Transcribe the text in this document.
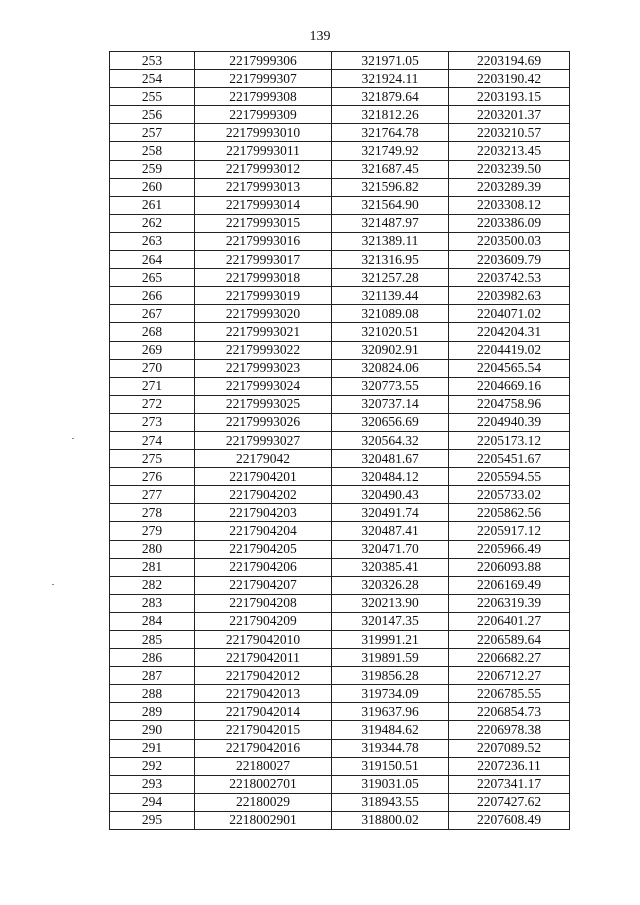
139
253	2217999306	321971.05	2203194.69
254	2217999307	321924.11	2203190.42
255	2217999308	321879.64	2203193.15
256	2217999309	321812.26	2203201.37
257	22179993010	321764.78	2203210.57
258	22179993011	321749.92	2203213.45
259	22179993012	321687.45	2203239.50
260	22179993013	321596.82	2203289.39
261	22179993014	321564.90	2203308.12
262	22179993015	321487.97	2203386.09
263	22179993016	321389.11	2203500.03
264	22179993017	321316.95	2203609.79
265	22179993018	321257.28	2203742.53
266	22179993019	321139.44	2203982.63
267	22179993020	321089.08	2204071.02
268	22179993021	321020.51	2204204.31
269	22179993022	320902.91	2204419.02
270	22179993023	320824.06	2204565.54
271	22179993024	320773.55	2204669.16
272	22179993025	320737.14	2204758.96
273	22179993026	320656.69	2204940.39
274	22179993027	320564.32	2205173.12
275	22179042	320481.67	2205451.67
276	2217904201	320484.12	2205594.55
277	2217904202	320490.43	2205733.02
278	2217904203	320491.74	2205862.56
279	2217904204	320487.41	2205917.12
280	2217904205	320471.70	2205966.49
281	2217904206	320385.41	2206093.88
282	2217904207	320326.28	2206169.49
283	2217904208	320213.90	2206319.39
284	2217904209	320147.35	2206401.27
285	22179042010	319991.21	2206589.64
286	22179042011	319891.59	2206682.27
287	22179042012	319856.28	2206712.27
288	22179042013	319734.09	2206785.55
289	22179042014	319637.96	2206854.73
290	22179042015	319484.62	2206978.38
291	22179042016	319344.78	2207089.52
292	22180027	319150.51	2207236.11
293	2218002701	319031.05	2207341.17
294	22180029	318943.55	2207427.62
295	2218002901	318800.02	2207608.49
